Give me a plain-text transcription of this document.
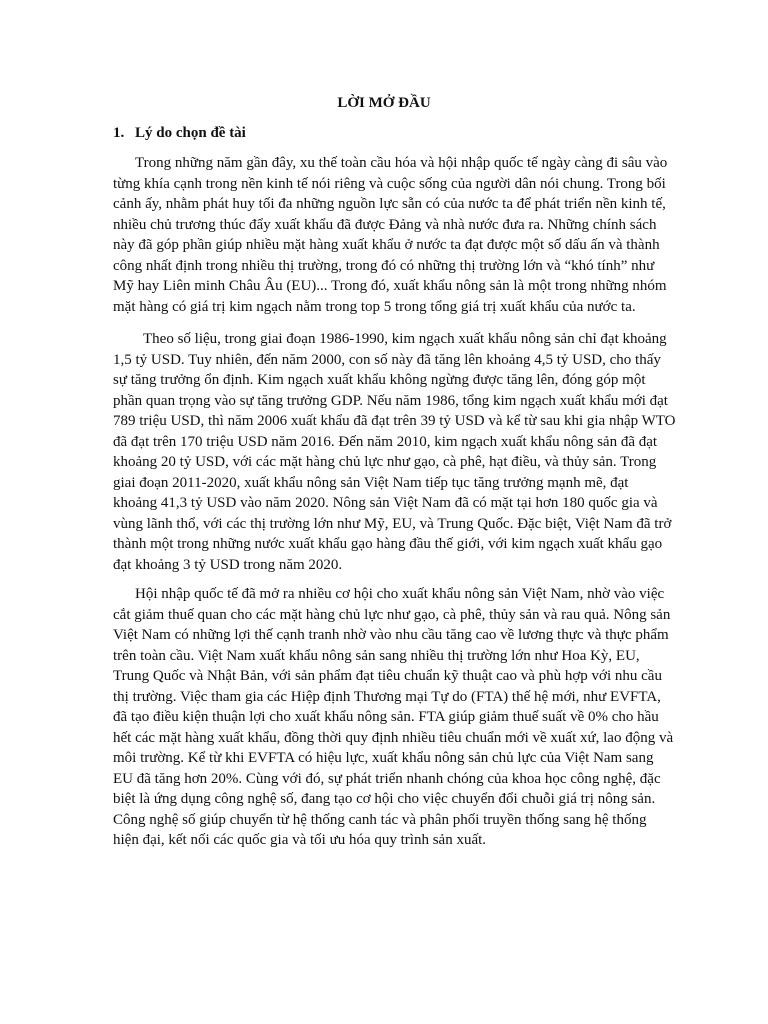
LỜI MỞ ĐẦU
1. Lý do chọn đề tài
Trong những năm gần đây, xu thế toàn cầu hóa và hội nhập quốc tế ngày càng đi sâu vào
từng khía cạnh trong nền kinh tế nói riêng và cuộc sống của người dân nói chung. Trong bối
cảnh ấy, nhằm phát huy tối đa những nguồn lực sẵn có của nước ta để phát triển nền kinh tế,
nhiều chủ trương thúc đẩy xuất khẩu đã được Đảng và nhà nước đưa ra. Những chính sách
này đã góp phần giúp nhiều mặt hàng xuất khẩu ở nước ta đạt được một số dấu ấn và thành
công nhất định trong nhiều thị trường, trong đó có những thị trường lớn và “khó tính” như
Mỹ hay Liên minh Châu Âu (EU)... Trong đó, xuất khẩu nông sản là một trong những nhóm
mặt hàng có giá trị kim ngạch nằm trong top 5 trong tổng giá trị xuất khẩu của nước ta.
Theo số liệu, trong giai đoạn 1986-1990, kim ngạch xuất khẩu nông sản chỉ đạt khoảng
1,5 tỷ USD. Tuy nhiên, đến năm 2000, con số này đã tăng lên khoảng 4,5 tỷ USD, cho thấy
sự tăng trưởng ổn định. Kim ngạch xuất khẩu không ngừng được tăng lên, đóng góp một
phần quan trọng vào sự tăng trưởng GDP. Nếu năm 1986, tổng kim ngạch xuất khẩu mới đạt
789 triệu USD, thì năm 2006 xuất khẩu đã đạt trên 39 tỷ USD và kể từ sau khi gia nhập WTO
đã đạt trên 170 triệu USD năm 2016. Đến năm 2010, kim ngạch xuất khẩu nông sản đã đạt
khoảng 20 tỷ USD, với các mặt hàng chủ lực như gạo, cà phê, hạt điều, và thủy sản. Trong
giai đoạn 2011-2020, xuất khẩu nông sản Việt Nam tiếp tục tăng trưởng mạnh mẽ, đạt
khoảng 41,3 tỷ USD vào năm 2020. Nông sản Việt Nam đã có mặt tại hơn 180 quốc gia và
vùng lãnh thổ, với các thị trường lớn như Mỹ, EU, và Trung Quốc. Đặc biệt, Việt Nam đã trở
thành một trong những nước xuất khẩu gạo hàng đầu thế giới, với kim ngạch xuất khẩu gạo
đạt khoảng 3 tỷ USD trong năm 2020.
Hội nhập quốc tế đã mở ra nhiều cơ hội cho xuất khẩu nông sản Việt Nam, nhờ vào việc
cắt giảm thuế quan cho các mặt hàng chủ lực như gạo, cà phê, thủy sản và rau quả. Nông sản
Việt Nam có những lợi thế cạnh tranh nhờ vào nhu cầu tăng cao về lương thực và thực phẩm
trên toàn cầu. Việt Nam xuất khẩu nông sản sang nhiều thị trường lớn như Hoa Kỳ, EU,
Trung Quốc và Nhật Bản, với sản phẩm đạt tiêu chuẩn kỹ thuật cao và phù hợp với nhu cầu
thị trường. Việc tham gia các Hiệp định Thương mại Tự do (FTA) thế hệ mới, như EVFTA,
đã tạo điều kiện thuận lợi cho xuất khẩu nông sản. FTA giúp giảm thuế suất về 0% cho hầu
hết các mặt hàng xuất khẩu, đồng thời quy định nhiều tiêu chuẩn mới về xuất xứ, lao động và
môi trường. Kể từ khi EVFTA có hiệu lực, xuất khẩu nông sản chủ lực của Việt Nam sang
EU đã tăng hơn 20%. Cùng với đó, sự phát triển nhanh chóng của khoa học công nghệ, đặc
biệt là ứng dụng công nghệ số, đang tạo cơ hội cho việc chuyển đổi chuỗi giá trị nông sản.
Công nghệ số giúp chuyển từ hệ thống canh tác và phân phối truyền thống sang hệ thống
hiện đại, kết nối các quốc gia và tối ưu hóa quy trình sản xuất.
